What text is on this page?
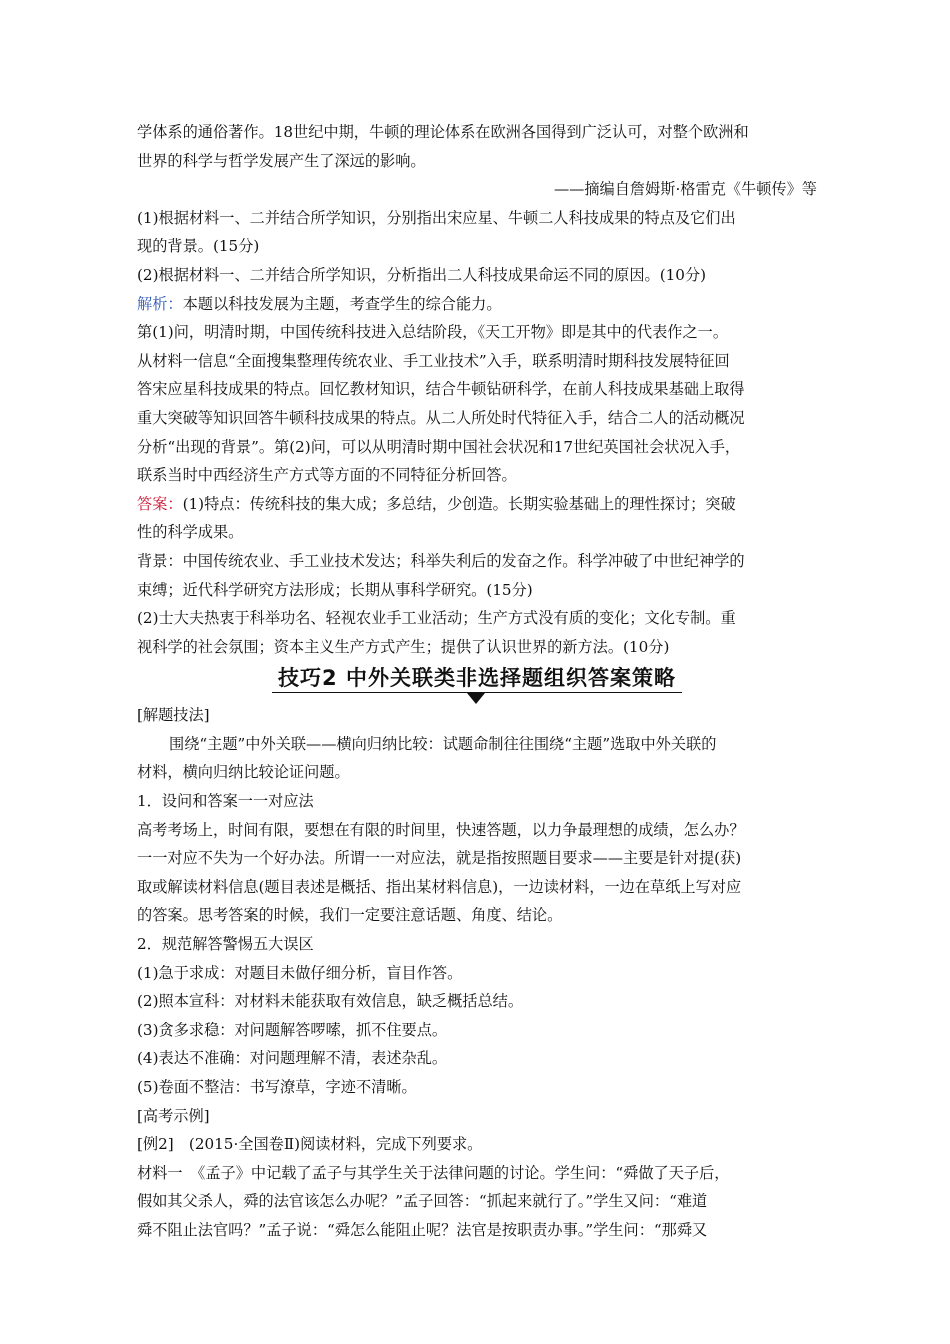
学体系的通俗著作。18世纪中期，牛顿的理论体系在欧洲各国得到广泛认可，对整个欧洲和

世界的科学与哲学发展产生了深远的影响。

——摘编自詹姆斯·格雷克《牛顿传》等

(1)根据材料一、二并结合所学知识，分别指出宋应星、牛顿二人科技成果的特点及它们出

现的背景。(15分)

(2)根据材料一、二并结合所学知识，分析指出二人科技成果命运不同的原因。(10分)

解析：本题以科技发展为主题，考查学生的综合能力。

第(1)问，明清时期，中国传统科技进入总结阶段，《天工开物》即是其中的代表作之一。

从材料一信息“全面搜集整理传统农业、手工业技术”入手，联系明清时期科技发展特征回

答宋应星科技成果的特点。回忆教材知识，结合牛顿钻研科学，在前人科技成果基础上取得

重大突破等知识回答牛顿科技成果的特点。从二人所处时代特征入手，结合二人的活动概况

分析“出现的背景”。第(2)问，可以从明清时期中国社会状况和17世纪英国社会状况入手，

联系当时中西经济生产方式等方面的不同特征分析回答。

答案：(1)特点：传统科技的集大成；多总结，少创造。长期实验基础上的理性探讨；突破

性的科学成果。

背景：中国传统农业、手工业技术发达；科举失利后的发奋之作。科学冲破了中世纪神学的

束缚；近代科学研究方法形成；长期从事科学研究。(15分)

(2)士大夫热衷于科举功名、轻视农业手工业活动；生产方式没有质的变化；文化专制。重

视科学的社会氛围；资本主义生产方式产生；提供了认识世界的新方法。(10分)

技巧2 中外关联类非选择题组织答案策略

[解题技法]

围绕“主题”中外关联——横向归纳比较：试题命制往往围绕“主题”选取中外关联的

材料，横向归纳比较论证问题。

1．设问和答案一一对应法

高考考场上，时间有限，要想在有限的时间里，快速答题，以力争最理想的成绩，怎么办？

一一对应不失为一个好办法。所谓一一对应法，就是指按照题目要求——主要是针对提(获)

取或解读材料信息(题目表述是概括、指出某材料信息)，一边读材料，一边在草纸上写对应

的答案。思考答案的时候，我们一定要注意话题、角度、结论。

2．规范解答警惕五大误区

(1)急于求成：对题目未做仔细分析，盲目作答。

(2)照本宣科：对材料未能获取有效信息，缺乏概括总结。

(3)贪多求稳：对问题解答啰嗦，抓不住要点。

(4)表达不准确：对问题理解不清，表述杂乱。

(5)卷面不整洁：书写潦草，字迹不清晰。

[高考示例]

[例2]　(2015·全国卷Ⅱ)阅读材料，完成下列要求。

材料一　《孟子》中记载了孟子与其学生关于法律问题的讨论。学生问：“舜做了天子后，

假如其父杀人，舜的法官该怎么办呢？”孟子回答：“抓起来就行了。”学生又问：“难道

舜不阻止法官吗？”孟子说：“舜怎么能阻止呢？法官是按职责办事。”学生问：“那舜又
